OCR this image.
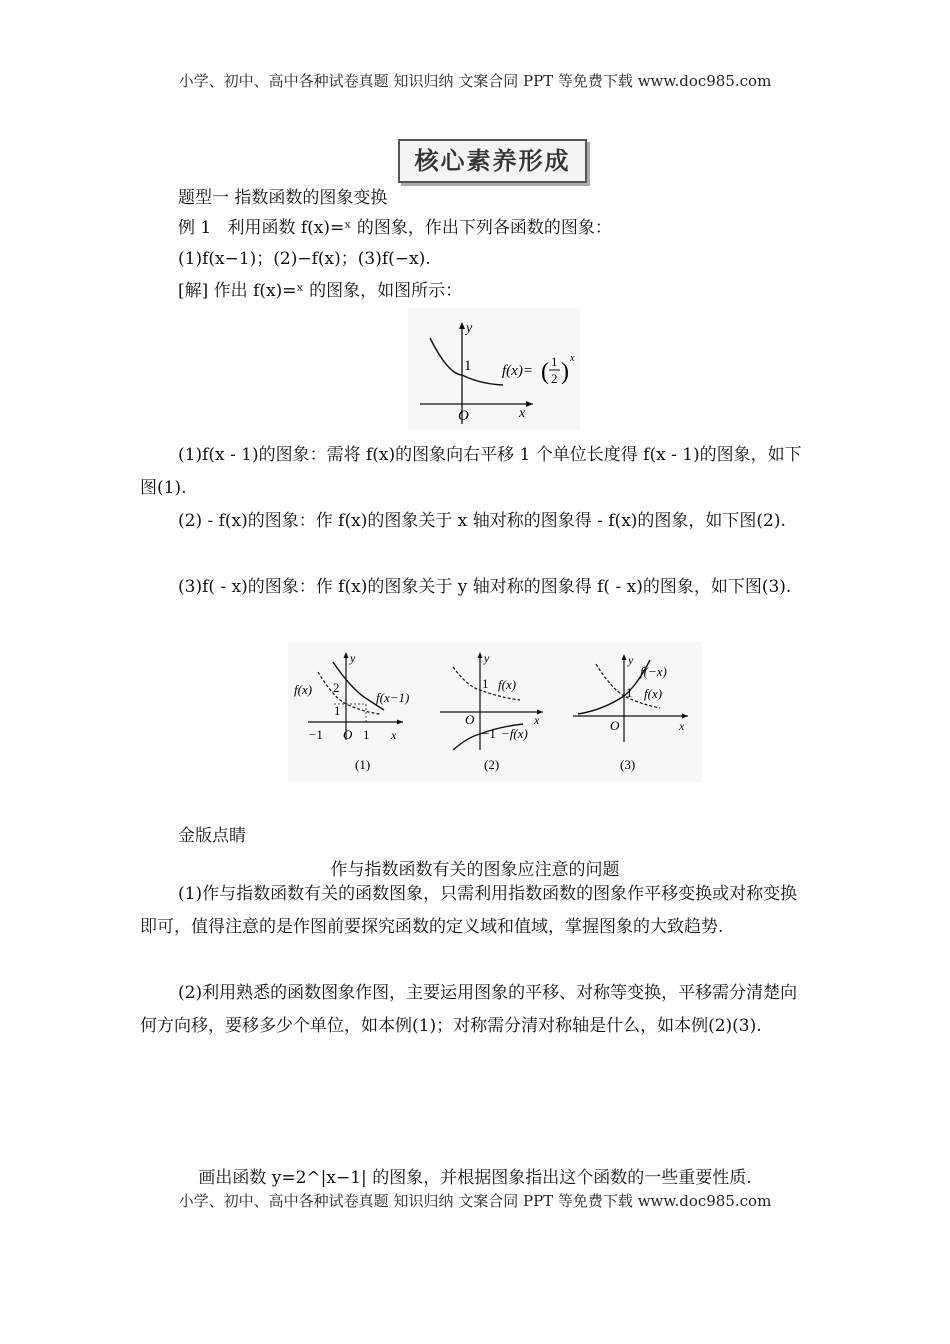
小学、初中、高中各种试卷真题 知识归纳 文案合同 PPT 等免费下载 www.doc985.com
核心素养形成
题型一 指数函数的图象变换
例 1 利用函数 f(x)=ˣ 的图象，作出下列各函数的图象：
(1)f(x−1)；(2)−f(x)；(3)f(−x).
[解] 作出 f(x)=ˣ 的图象，如图所示：
y
x
O
1 f(x)= ( 1
2 )
x
(1)f(x - 1)的图象：需将 f(x)的图象向右平移 1 个单位长度得 f(x - 1)的图象，如下图(1).
(2) - f(x)的图象：作 f(x)的图象关于 x 轴对称的图象得 - f(x)的图象，如下图(2).
(3)f( - x)的图象：作 f(x)的图象关于 y 轴对称的图象得 f( - x)的图象，如下图(3).
y
f(x) 2
1
f(x−1)
−1 O 1 x
(1)
y
1 f(x)
O	x
−1 −f(x)
(2)
y
f(−x)
1 f(x)
O	x
(3)
金版点睛
作与指数函数有关的图象应注意的问题
(1)作与指数函数有关的函数图象，只需利用指数函数的图象作平移变换或对称变换即可，值得注意的是作图前要探究函数的定义域和值域，掌握图象的大致趋势.
(2)利用熟悉的函数图象作图，主要运用图象的平移、对称等变换，平移需分清楚向何方向移，要移多少个单位，如本例(1)；对称需分清对称轴是什么，如本例(2)(3).
画出函数 y=2^|x−1| 的图象，并根据图象指出这个函数的一些重要性质.
小学、初中、高中各种试卷真题 知识归纳 文案合同 PPT 等免费下载 www.doc985.com
